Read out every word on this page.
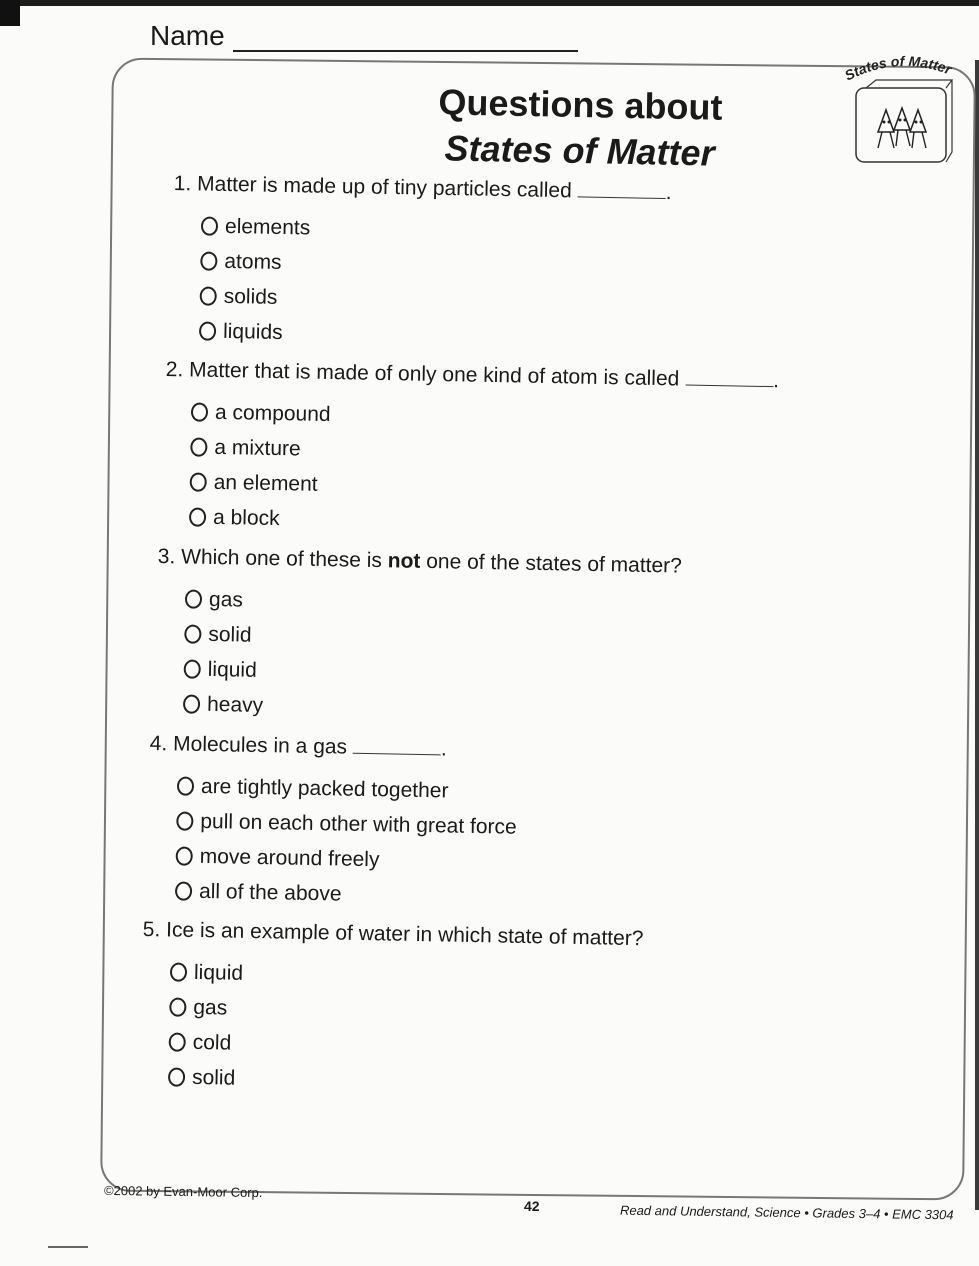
Name
States of Matter
Questions about
States of Matter
1. Matter is made up of tiny particles called	.
elements
atoms
solids
liquids
2. Matter that is made of only one kind of atom is called	.
a compound
a mixture
an element
a block
3. Which one of these is not one of the states of matter?
gas
solid
liquid
heavy
4. Molecules in a gas	.
are tightly packed together
pull on each other with great force
move around freely
all of the above
5. Ice is an example of water in which state of matter?
liquid
gas
cold
solid
©2002 by Evan-Moor Corp.
42	Read and Understand, Science • Grades 3–4 • EMC 3304
